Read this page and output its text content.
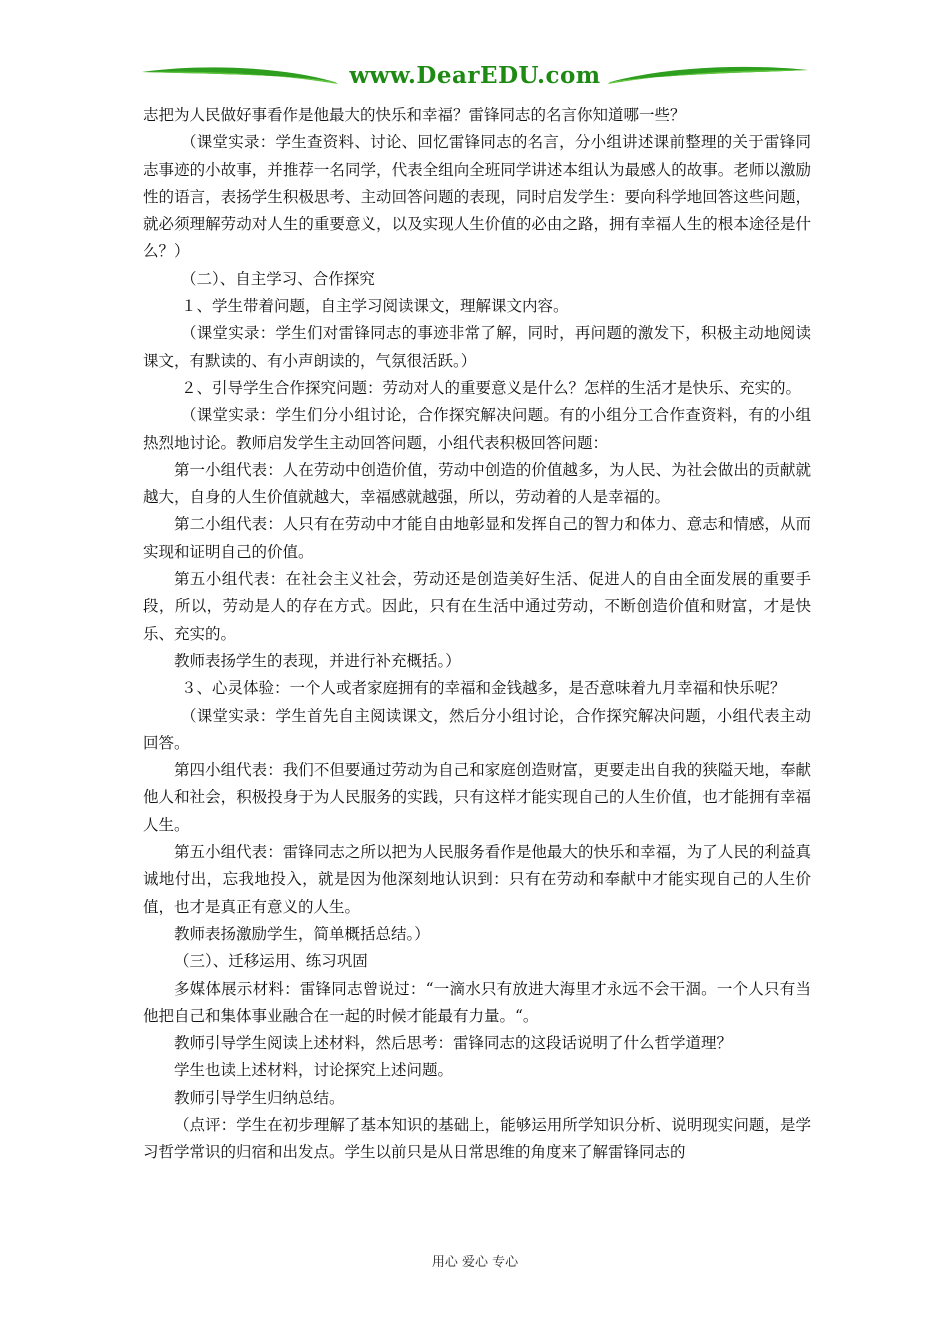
www.DearEDU.com

志把为人民做好事看作是他最大的快乐和幸福？雷锋同志的名言你知道哪一些？

（课堂实录：学生查资料、讨论、回忆雷锋同志的名言，分小组讲述课前整理的关于雷锋同志事迹的小故事，并推荐一名同学，代表全组向全班同学讲述本组认为最感人的故事。老师以激励性的语言，表扬学生积极思考、主动回答问题的表现，同时启发学生：要向科学地回答这些问题，就必须理解劳动对人生的重要意义，以及实现人生价值的必由之路，拥有幸福人生的根本途径是什么？）

（二）、自主学习、合作探究

１、学生带着问题，自主学习阅读课文，理解课文内容。

（课堂实录：学生们对雷锋同志的事迹非常了解，同时，再问题的激发下，积极主动地阅读课文，有默读的、有小声朗读的，气氛很活跃。）

２、引导学生合作探究问题：劳动对人的重要意义是什么？怎样的生活才是快乐、充实的。

（课堂实录：学生们分小组讨论，合作探究解决问题。有的小组分工合作查资料，有的小组热烈地讨论。教师启发学生主动回答问题，小组代表积极回答问题：

第一小组代表：人在劳动中创造价值，劳动中创造的价值越多，为人民、为社会做出的贡献就越大，自身的人生价值就越大，幸福感就越强，所以，劳动着的人是幸福的。

第二小组代表：人只有在劳动中才能自由地彰显和发挥自己的智力和体力、意志和情感，从而实现和证明自己的价值。

第五小组代表：在社会主义社会，劳动还是创造美好生活、促进人的自由全面发展的重要手段，所以，劳动是人的存在方式。因此，只有在生活中通过劳动，不断创造价值和财富，才是快乐、充实的。

教师表扬学生的表现，并进行补充概括。）

３、心灵体验：一个人或者家庭拥有的幸福和金钱越多，是否意味着九月幸福和快乐呢？

（课堂实录：学生首先自主阅读课文，然后分小组讨论，合作探究解决问题，小组代表主动回答。

第四小组代表：我们不但要通过劳动为自己和家庭创造财富，更要走出自我的狭隘天地，奉献他人和社会，积极投身于为人民服务的实践，只有这样才能实现自己的人生价值，也才能拥有幸福人生。

第五小组代表：雷锋同志之所以把为人民服务看作是他最大的快乐和幸福，为了人民的利益真诚地付出，忘我地投入，就是因为他深刻地认识到：只有在劳动和奉献中才能实现自己的人生价值，也才是真正有意义的人生。

教师表扬激励学生，简单概括总结。）

（三）、迁移运用、练习巩固

多媒体展示材料：雷锋同志曾说过：“一滴水只有放进大海里才永远不会干涸。一个人只有当他把自己和集体事业融合在一起的时候才能最有力量。“。

教师引导学生阅读上述材料，然后思考：雷锋同志的这段话说明了什么哲学道理？

学生也读上述材料，讨论探究上述问题。

教师引导学生归纳总结。

（点评：学生在初步理解了基本知识的基础上，能够运用所学知识分析、说明现实问题，是学习哲学常识的归宿和出发点。学生以前只是从日常思维的角度来了解雷锋同志的

用心 爱心 专心
